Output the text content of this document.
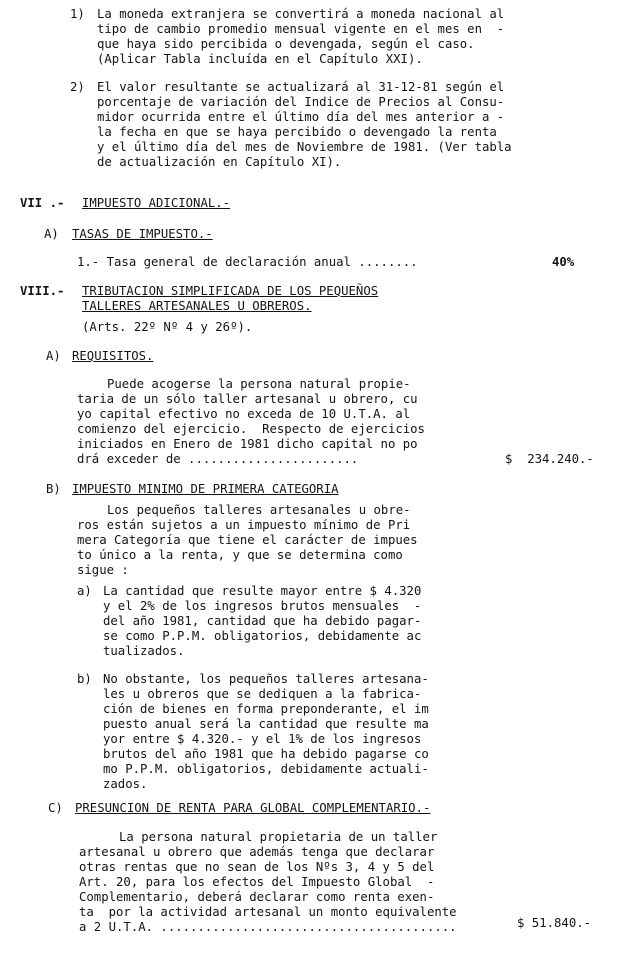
1) La moneda extranjera se convertirá a moneda nacional al
tipo de cambio promedio mensual vigente en el mes en  -
que haya sido percibida o devengada, según el caso.
(Aplicar Tabla incluída en el Capítulo XXI).
2) El valor resultante se actualizará al 31-12-81 según el
porcentaje de variación del Indice de Precios al Consu-
midor ocurrida entre el último día del mes anterior a -
la fecha en que se haya percibido o devengado la renta
y el último día del mes de Noviembre de 1981. (Ver tabla
de actualización en Capítulo XI).
VII .- IMPUESTO ADICIONAL.-
A) TASAS DE IMPUESTO.-
1.- Tasa general de declaración anual ........	40%
VIII.- TRIBUTACION SIMPLIFICADA DE LOS PEQUEÑOS
TALLERES ARTESANALES U OBREROS.
(Arts. 22º Nº 4 y 26º).
A) REQUISITOS.
Puede acogerse la persona natural propie-
taria de un sólo taller artesanal u obrero, cu
yo capital efectivo no exceda de 10 U.T.A. al
comienzo del ejercicio.  Respecto de ejercicios
iniciados en Enero de 1981 dicho capital no po
drá exceder de .......................	$  234.240.-
B) IMPUESTO MINIMO DE PRIMERA CATEGORIA
Los pequeños talleres artesanales u obre-
ros están sujetos a un impuesto mínimo de Pri
mera Categoría que tiene el carácter de impues
to único a la renta, y que se determina como
sigue :
a) La cantidad que resulte mayor entre $ 4.320
y el 2% de los ingresos brutos mensuales  -
del año 1981, cantidad que ha debido pagar-
se como P.P.M. obligatorios, debidamente ac
tualizados.
b) No obstante, los pequeños talleres artesana-
les u obreros que se dediquen a la fabrica-
ción de bienes en forma preponderante, el im
puesto anual será la cantidad que resulte ma
yor entre $ 4.320.- y el 1% de los ingresos
brutos del año 1981 que ha debido pagarse co
mo P.P.M. obligatorios, debidamente actuali-
zados.
C) PRESUNCION DE RENTA PARA GLOBAL COMPLEMENTARIO.-
La persona natural propietaria de un taller
artesanal u obrero que además tenga que declarar
otras rentas que no sean de los Nºs 3, 4 y 5 del
Art. 20, para los efectos del Impuesto Global  -
Complementario, deberá declarar como renta exen-
ta  por la actividad artesanal un monto equivalente
a 2 U.T.A. ........................................	$ 51.840.-
